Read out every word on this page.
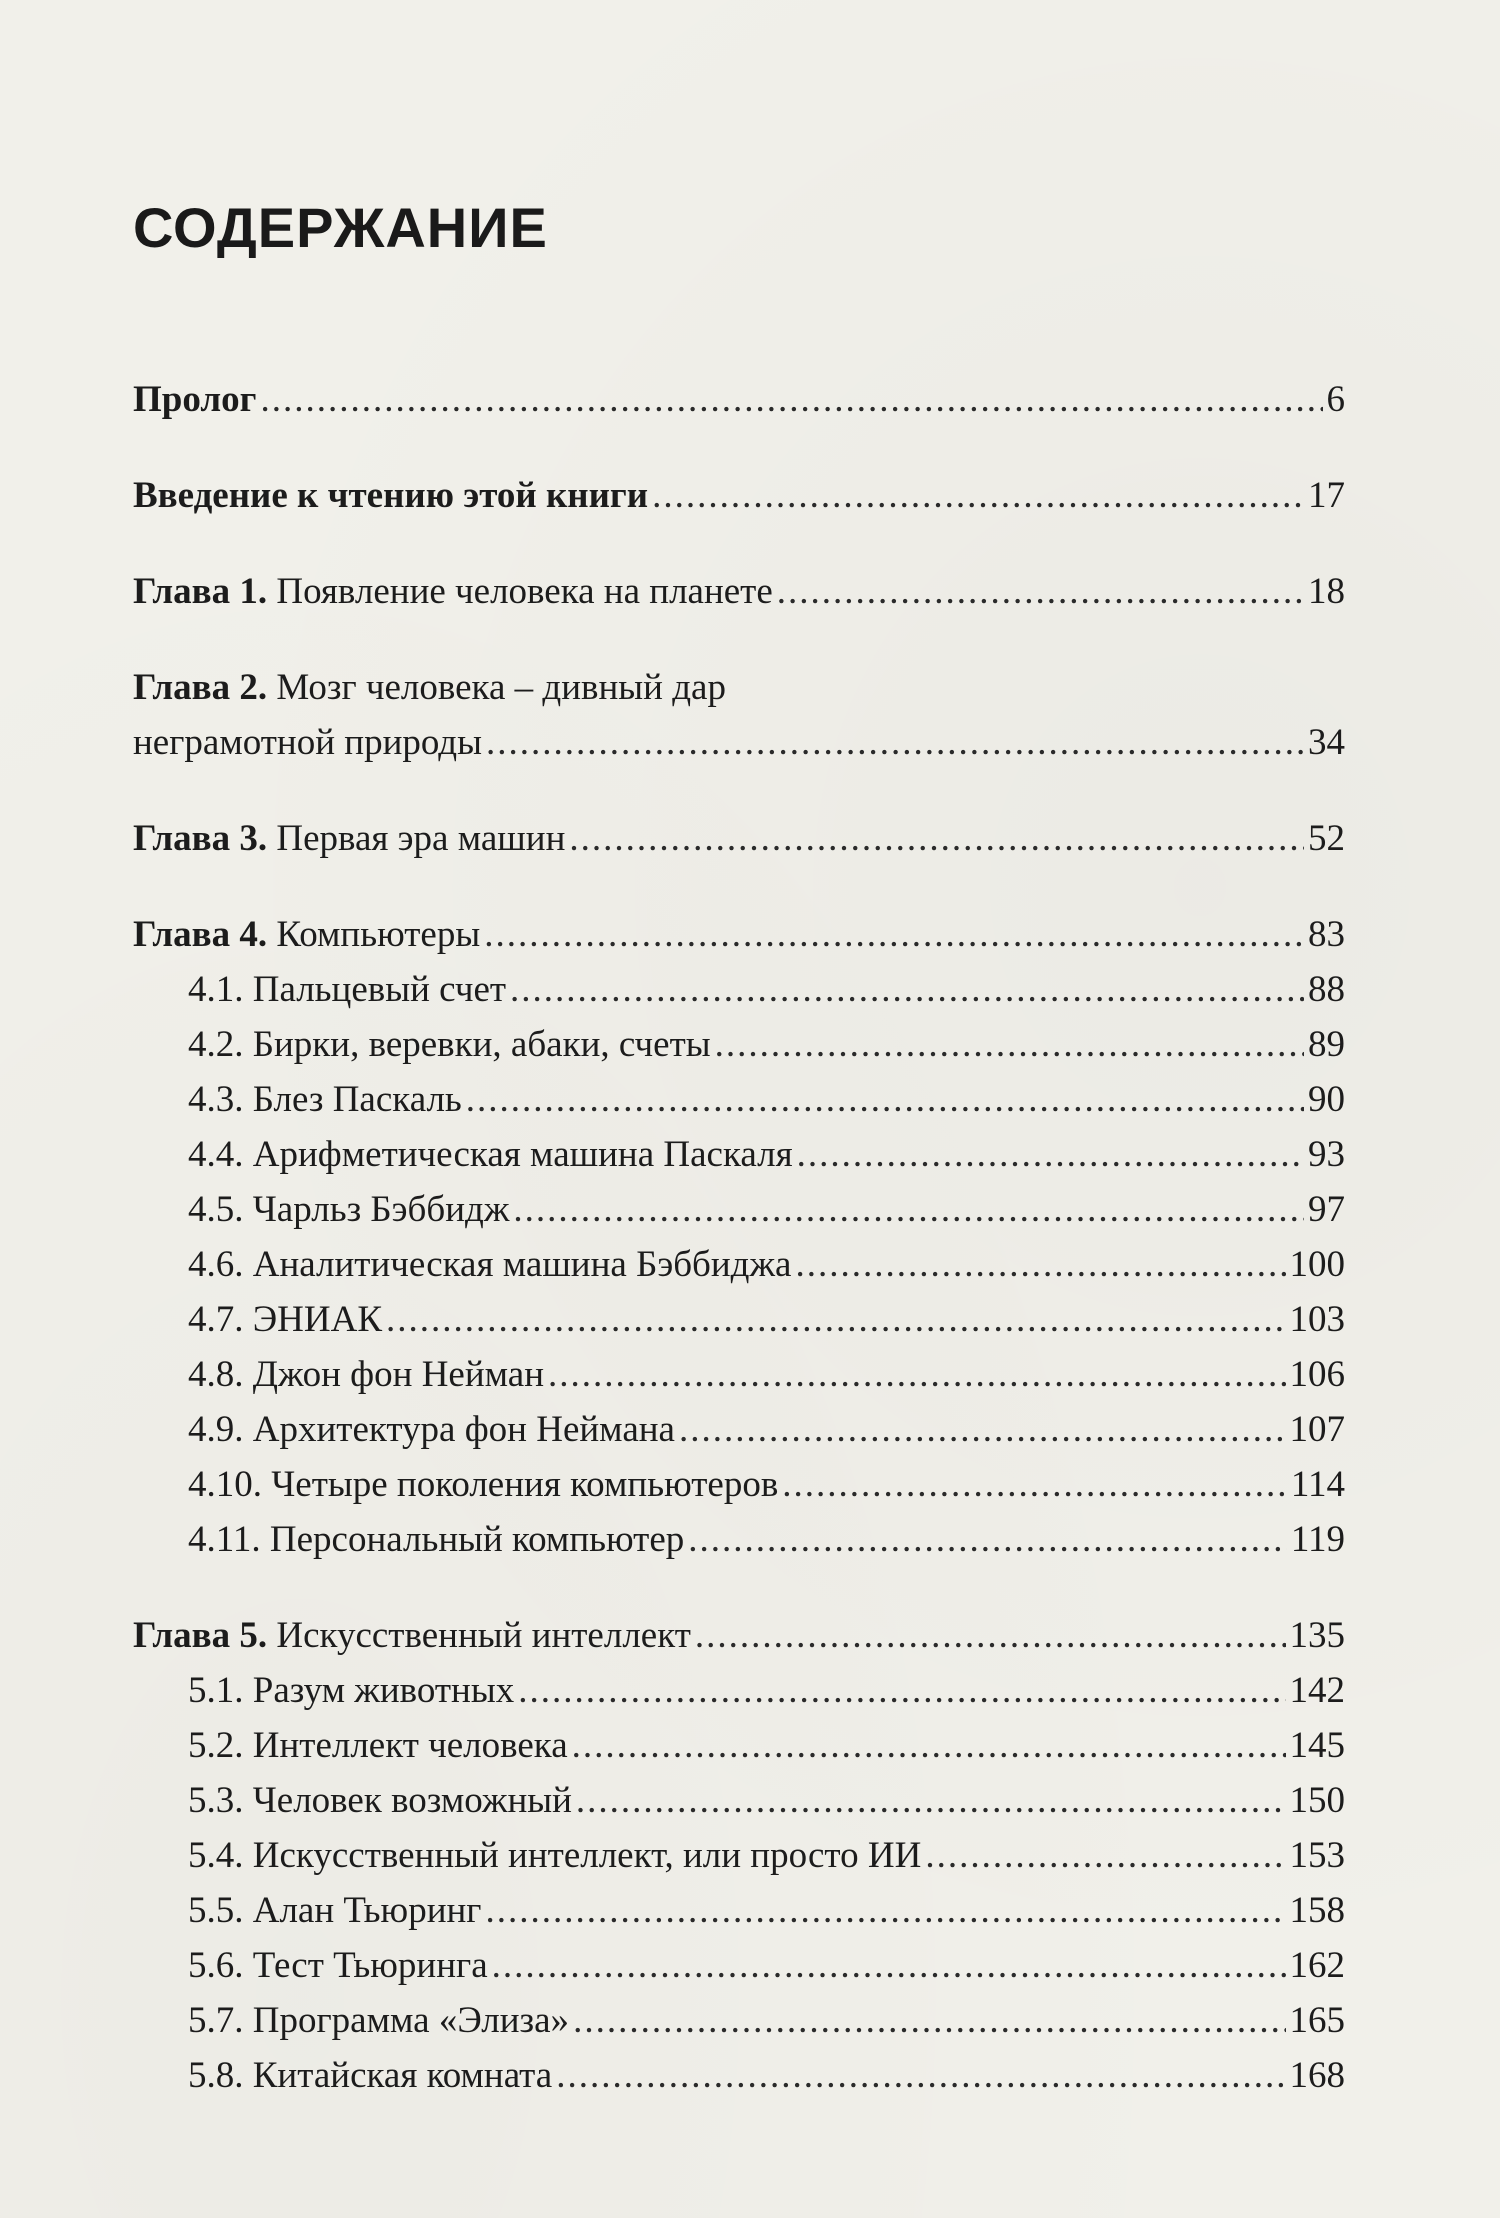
СОДЕРЖАНИЕ
Пролог .....	6
Введение к чтению этой книги .....	17
Глава 1. Появление человека на планете .....	18
Глава 2. Мозг человека – дивный дар
неграмотной природы .....	34
Глава 3. Первая эра машин .....	52
Глава 4. Компьютеры .....	83
4.1. Пальцевый счет .....	88
4.2. Бирки, веревки, абаки, счеты .....	89
4.3. Блез Паскаль .....	90
4.4. Арифметическая машина Паскаля .....	93
4.5. Чарльз Бэббидж .....	97
4.6. Аналитическая машина Бэббиджа .....	100
4.7. ЭНИАК .....	103
4.8. Джон фон Нейман .....	106
4.9. Архитектура фон Неймана .....	107
4.10. Четыре поколения компьютеров .....	114
4.11. Персональный компьютер .....	119
Глава 5. Искусственный интеллект .....	135
5.1. Разум животных .....	142
5.2. Интеллект человека .....	145
5.3. Человек возможный .....	150
5.4. Искусственный интеллект, или просто ИИ .....	153
5.5. Алан Тьюринг .....	158
5.6. Тест Тьюринга .....	162
5.7. Программа «Элиза» .....	165
5.8. Китайская комната .....	168
